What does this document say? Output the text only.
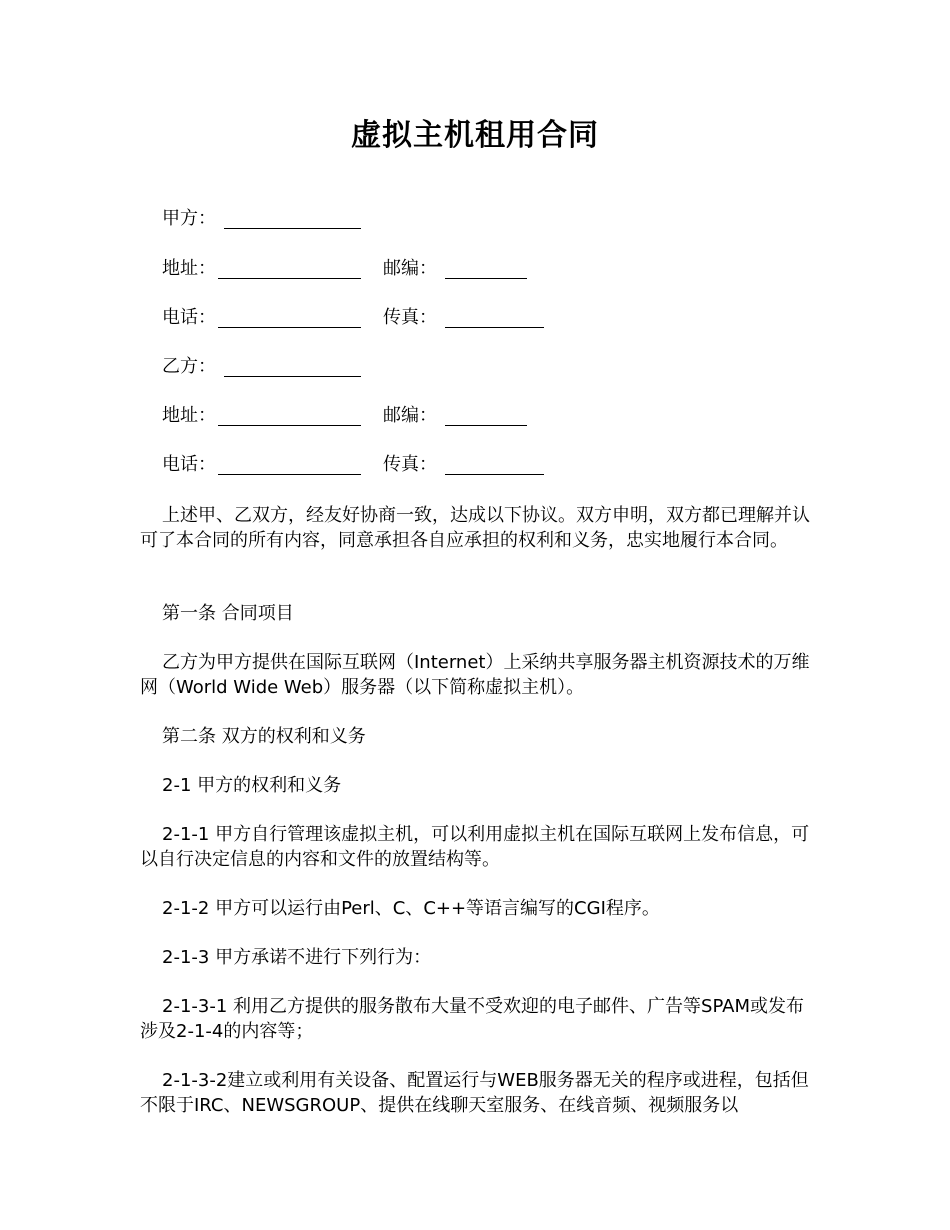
虚拟主机租用合同
甲方：
地址：	邮编：
电话：	传真：
乙方：
地址：	邮编：
电话：	传真：
上述甲、乙双方，经友好协商一致，达成以下协议。双方申明，双方都已理解并认可了本合同的所有内容，同意承担各自应承担的权利和义务，忠实地履行本合同。
第一条 合同项目
乙方为甲方提供在国际互联网（Internet）上采纳共享服务器主机资源技术的万维网（World Wide Web）服务器（以下简称虚拟主机）。
第二条 双方的权利和义务
2-1 甲方的权利和义务
2-1-1 甲方自行管理该虚拟主机，可以利用虚拟主机在国际互联网上发布信息，可以自行决定信息的内容和文件的放置结构等。
2-1-2 甲方可以运行由Perl、C、C++等语言编写的CGI程序。
2-1-3 甲方承诺不进行下列行为：
2-1-3-1 利用乙方提供的服务散布大量不受欢迎的电子邮件、广告等SPAM或发布涉及2-1-4的内容等；
2-1-3-2建立或利用有关设备、配置运行与WEB服务器无关的程序或进程，包括但不限于IRC、NEWSGROUP、提供在线聊天室服务、在线音频、视频服务以
